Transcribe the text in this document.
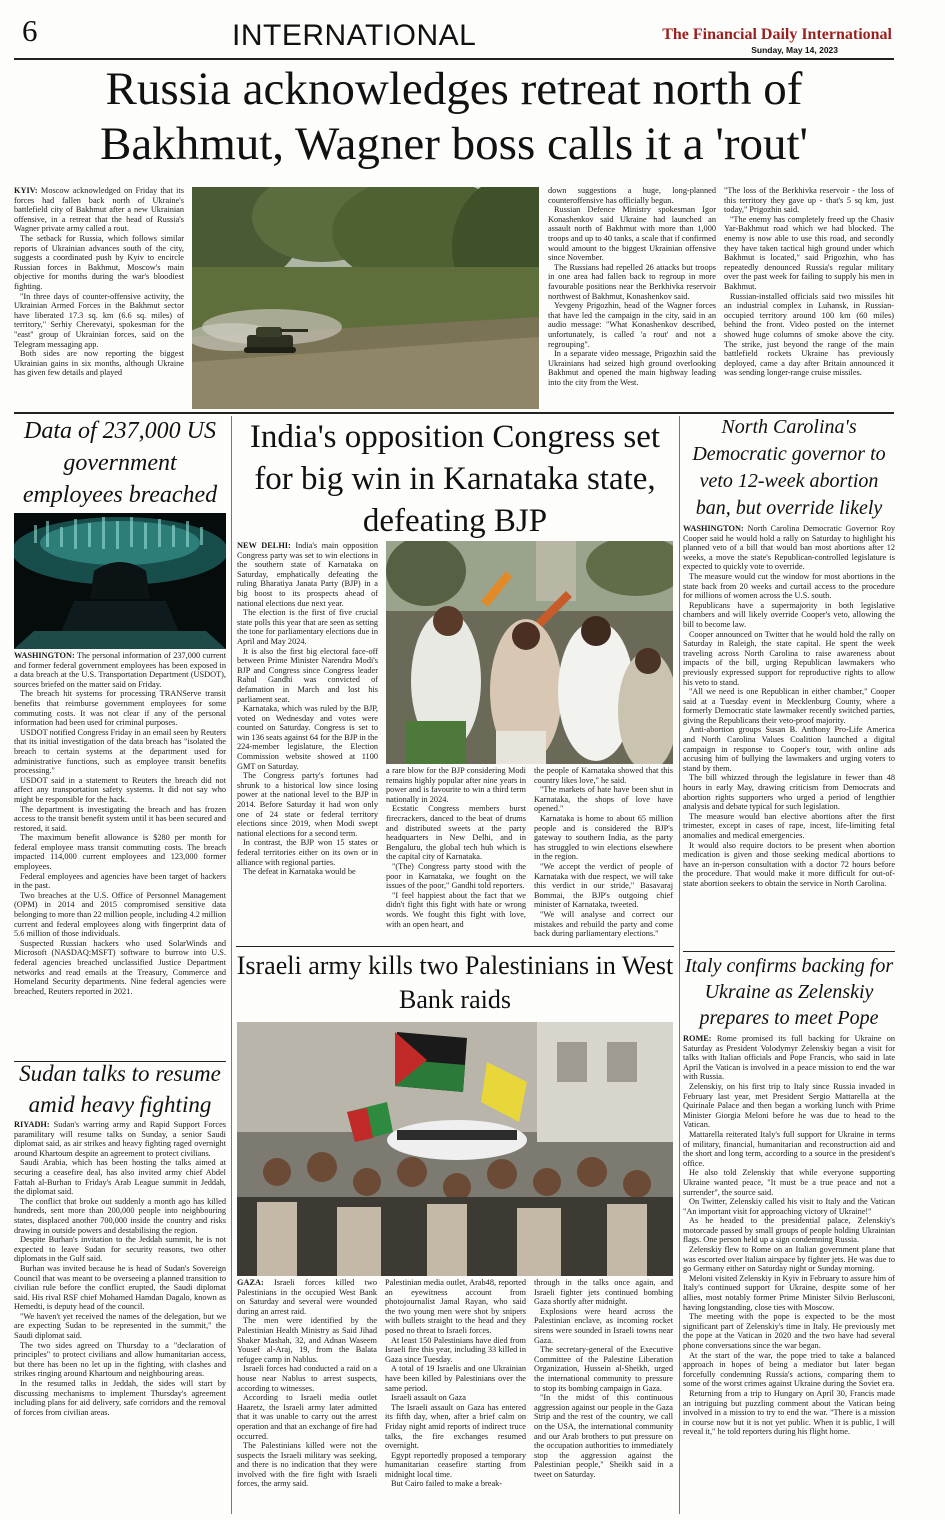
6	INTERNATIONAL	The Financial Daily International
Sunday, May 14, 2023
Russia acknowledges retreat north of Bakhmut, Wagner boss calls it a 'rout'

KYIV: Moscow acknowledged on Friday that its forces had fallen back north of Ukraine's battlefield city of Bakhmut after a new Ukrainian offensive, in a retreat that the head of Russia's Wagner private army called a rout.

The setback for Russia, which follows similar reports of Ukrainian advances south of the city, suggests a coordinated push by Kyiv to encircle Russian forces in Bakhmut, Moscow's main objective for months during the war's bloodiest fighting.

"In three days of counter-offensive activity, the Ukrainian Armed Forces in the Bakhmut sector have liberated 17.3 sq. km (6.6 sq. miles) of territory," Serhiy Cherevatyi, spokesman for the "east" group of Ukrainian forces, said on the Telegram messaging app.

Both sides are now reporting the biggest Ukrainian gains in six months, although Ukraine has given few details and played

down suggestions a huge, long-planned counteroffensive has officially begun.

Russian Defence Ministry spokesman Igor Konashenkov said Ukraine had launched an assault north of Bakhmut with more than 1,000 troops and up to 40 tanks, a scale that if confirmed would amount to the biggest Ukrainian offensive since November.

The Russians had repelled 26 attacks but troops in one area had fallen back to regroup in more favourable positions near the Berkhivka reservoir northwest of Bakhmut, Konashenkov said.

Yevgeny Prigozhin, head of the Wagner forces that have led the campaign in the city, said in an audio message: "What Konashenkov described, unfortunately, is called 'a rout' and not a regrouping".

In a separate video message, Prigozhin said the Ukrainians had seized high ground overlooking Bakhmut and opened the main highway leading into the city from the West.

"The loss of the Berkhivka reservoir - the loss of this territory they gave up - that's 5 sq km, just today," Prigozhin said.

"The enemy has completely freed up the Chasiv Yar-Bakhmut road which we had blocked. The enemy is now able to use this road, and secondly they have taken tactical high ground under which Bakhmut is located," said Prigozhin, who has repeatedly denounced Russia's regular military over the past week for failing to supply his men in Bakhmut.

Russian-installed officials said two missiles hit an industrial complex in Luhansk, in Russian-occupied territory around 100 km (60 miles) behind the front. Video posted on the internet showed huge columns of smoke above the city. The strike, just beyond the range of the main battlefield rockets Ukraine has previously deployed, came a day after Britain announced it was sending longer-range cruise missiles.

Data of 237,000 US government employees breached

WASHINGTON: The personal information of 237,000 current and former federal government employees has been exposed in a data breach at the U.S. Transportation Department (USDOT), sources briefed on the matter said on Friday.

The breach hit systems for processing TRANServe transit benefits that reimburse government employees for some commuting costs. It was not clear if any of the personal information had been used for criminal purposes.

USDOT notified Congress Friday in an email seen by Reuters that its initial investigation of the data breach has "isolated the breach to certain systems at the department used for administrative functions, such as employee transit benefits processing."

USDOT said in a statement to Reuters the breach did not affect any transportation safety systems. It did not say who might be responsible for the hack.

The department is investigating the breach and has frozen access to the transit benefit system until it has been secured and restored, it said.

The maximum benefit allowance is $280 per month for federal employee mass transit commuting costs. The breach impacted 114,000 current employees and 123,000 former employees.

Federal employees and agencies have been target of hackers in the past.

Two breaches at the U.S. Office of Personnel Management (OPM) in 2014 and 2015 compromised sensitive data belonging to more than 22 million people, including 4.2 million current and federal employees along with fingerprint data of 5.6 million of those individuals.

Suspected Russian hackers who used SolarWinds and Microsoft (NASDAQ:MSFT) software to burrow into U.S. federal agencies breached unclassified Justice Department networks and read emails at the Treasury, Commerce and Homeland Security departments. Nine federal agencies were breached, Reuters reported in 2021.

Sudan talks to resume amid heavy fighting

RIYADH: Sudan's warring army and Rapid Support Forces paramilitary will resume talks on Sunday, a senior Saudi diplomat said, as air strikes and heavy fighting raged overnight around Khartoum despite an agreement to protect civilians.

Saudi Arabia, which has been hosting the talks aimed at securing a ceasefire deal, has also invited army chief Abdel Fattah al-Burhan to Friday's Arab League summit in Jeddah, the diplomat said.

The conflict that broke out suddenly a month ago has killed hundreds, sent more than 200,000 people into neighbouring states, displaced another 700,000 inside the country and risks drawing in outside powers and destabilising the region.

Despite Burhan's invitation to the Jeddah summit, he is not expected to leave Sudan for security reasons, two other diplomats in the Gulf said.

Burhan was invited because he is head of Sudan's Sovereign Council that was meant to be overseeing a planned transition to civilian rule before the conflict erupted, the Saudi diplomat said. His rival RSF chief Mohamed Hamdan Dagalo, known as Hemedti, is deputy head of the council.

"We haven't yet received the names of the delegation, but we are expecting Sudan to be represented in the summit," the Saudi diplomat said.

The two sides agreed on Thursday to a "declaration of principles" to protect civilians and allow humanitarian access, but there has been no let up in the fighting, with clashes and strikes ringing around Khartoum and neighbouring areas.

In the resumed talks in Jeddah, the sides will start by discussing mechanisms to implement Thursday's agreement including plans for aid delivery, safe corridors and the removal of forces from civilian areas.

India's opposition Congress set for big win in Karnataka state, defeating BJP

NEW DELHI: India's main opposition Congress party was set to win elections in the southern state of Karnataka on Saturday, emphatically defeating the ruling Bharatiya Janata Party (BJP) in a big boost to its prospects ahead of national elections due next year.

The election is the first of five crucial state polls this year that are seen as setting the tone for parliamentary elections due in April and May 2024.

It is also the first big electoral face-off between Prime Minister Narendra Modi's BJP and Congress since Congress leader Rahul Gandhi was convicted of defamation in March and lost his parliament seat.

Karnataka, which was ruled by the BJP, voted on Wednesday and votes were counted on Saturday. Congress is set to win 136 seats against 64 for the BJP in the 224-member legislature, the Election Commission website showed at 1100 GMT on Saturday.

The Congress party's fortunes had shrunk to a historical low since losing power at the national level to the BJP in 2014. Before Saturday it had won only one of 24 state or federal territory elections since 2019, when Modi swept national elections for a second term.

In contrast, the BJP won 15 states or federal territories either on its own or in alliance with regional parties.

The defeat in Karnataka would be

a rare blow for the BJP considering Modi remains highly popular after nine years in power and is favourite to win a third term nationally in 2024.

Ecstatic Congress members burst firecrackers, danced to the beat of drums and distributed sweets at the party headquarters in New Delhi, and in Bengaluru, the global tech hub which is the capital city of Karnataka.

"(The) Congress party stood with the poor in Karnataka, we fought on the issues of the poor," Gandhi told reporters.

"I feel happiest about the fact that we didn't fight this fight with hate or wrong words. We fought this fight with love, with an open heart, and

the people of Karnataka showed that this country likes love," he said.

"The markets of hate have been shut in Karnataka, the shops of love have opened."

Karnataka is home to about 65 million people and is considered the BJP's gateway to southern India, as the party has struggled to win elections elsewhere in the region.

"We accept the verdict of people of Karnataka with due respect, we will take this verdict in our stride," Basavaraj Bommai, the BJP's outgoing chief minister of Karnataka, tweeted.

"We will analyse and correct our mistakes and rebuild the party and come back during parliamentary elections."

Israeli army kills two Palestinians in West Bank raids

GAZA: Israeli forces killed two Palestinians in the occupied West Bank on Saturday and several were wounded during an arrest raid.

The men were identified by the Palestinian Health Ministry as Said Jihad Shaker Mashah, 32, and Adnan Waseem Yousef al-Araj, 19, from the Balata refugee camp in Nablus.

Israeli forces had conducted a raid on a house near Nablus to arrest suspects, according to witnesses.

According to Israeli media outlet Haaretz, the Israeli army later admitted that it was unable to carry out the arrest operation and that an exchange of fire had occurred.

The Palestinians killed were not the suspects the Israeli military was seeking, and there is no indication that they were involved with the fire fight with Israeli forces, the army said.

Palestinian media outlet, Arab48, reported an eyewitness account from photojournalist Jamal Rayan, who said the two young men were shot by snipers with bullets straight to the head and they posed no threat to Israeli forces.

At least 150 Palestinians have died from Israeli fire this year, including 33 killed in Gaza since Tuesday.

A total of 19 Israelis and one Ukrainian have been killed by Palestinians over the same period.

Israeli assault on Gaza

The Israeli assault on Gaza has entered its fifth day, when, after a brief calm on Friday night amid reports of indirect truce talks, the fire exchanges resumed overnight.

Egypt reportedly proposed a temporary humanitarian ceasefire starting from midnight local time.

But Cairo failed to make a break-

through in the talks once again, and Israeli fighter jets continued bombing Gaza shortly after midnight.

Explosions were heard across the Palestinian enclave, as incoming rocket sirens were sounded in Israeli towns near Gaza.

The secretary-general of the Executive Committee of the Palestine Liberation Organization, Hussein al-Sheikh, urged the international community to pressure to stop its bombing campaign in Gaza.

"In the midst of this continuous aggression against our people in the Gaza Strip and the rest of the country, we call on the USA, the international community and our Arab brothers to put pressure on the occupation authorities to immediately stop the aggression against the Palestinian people," Sheikh said in a tweet on Saturday.

North Carolina's Democratic governor to veto 12-week abortion ban, but override likely

WASHINGTON: North Carolina Democratic Governor Roy Cooper said he would hold a rally on Saturday to highlight his planned veto of a bill that would ban most abortions after 12 weeks, a move the state's Republican-controlled legislature is expected to quickly vote to override.

The measure would cut the window for most abortions in the state back from 20 weeks and curtail access to the procedure for millions of women across the U.S. south.

Republicans have a supermajority in both legislative chambers and will likely override Cooper's veto, allowing the bill to become law.

Cooper announced on Twitter that he would hold the rally on Saturday in Raleigh, the state capital. He spent the week traveling across North Carolina to raise awareness about impacts of the bill, urging Republican lawmakers who previously expressed support for reproductive rights to allow his veto to stand.

"All we need is one Republican in either chamber," Cooper said at a Tuesday event in Mecklenburg County, where a formerly Democratic state lawmaker recently switched parties, giving the Republicans their veto-proof majority.

Anti-abortion groups Susan B. Anthony Pro-Life America and North Carolina Values Coalition launched a digital campaign in response to Cooper's tour, with online ads accusing him of bullying the lawmakers and urging voters to stand by them.

The bill whizzed through the legislature in fewer than 48 hours in early May, drawing criticism from Democrats and abortion rights supporters who urged a period of lengthier analysis and debate typical for such legislation.

The measure would ban elective abortions after the first trimester, except in cases of rape, incest, life-limiting fetal anomalies and medical emergencies.

It would also require doctors to be present when abortion medication is given and those seeking medical abortions to have an in-person consultation with a doctor 72 hours before the procedure. That would make it more difficult for out-of-state abortion seekers to obtain the service in North Carolina.

Italy confirms backing for Ukraine as Zelenskiy prepares to meet Pope

ROME: Rome promised its full backing for Ukraine on Saturday as President Volodymyr Zelenskiy began a visit for talks with Italian officials and Pope Francis, who said in late April the Vatican is involved in a peace mission to end the war with Russia.

Zelenskiy, on his first trip to Italy since Russia invaded in February last year, met President Sergio Mattarella at the Quirinale Palace and then began a working lunch with Prime Minister Giorgia Meloni before he was due to head to the Vatican.

Mattarella reiterated Italy's full support for Ukraine in terms of military, financial, humanitarian and reconstruction aid and the short and long term, according to a source in the president's office.

He also told Zelenskiy that while everyone supporting Ukraine wanted peace, "It must be a true peace and not a surrender", the source said.

On Twitter, Zelenskiy called his visit to Italy and the Vatican "An important visit for approaching victory of Ukraine!"

As he headed to the presidential palace, Zelenskiy's motorcade passed by small groups of people holding Ukrainian flags. One person held up a sign condemning Russia.

Zelenskiy flew to Rome on an Italian government plane that was escorted over Italian airspace by fighter jets. He was due to go Germany either on Saturday night or Sunday morning.

Meloni visited Zelenskiy in Kyiv in February to assure him of Italy's continued support for Ukraine, despite some of her allies, most notably former Prime Minister Silvio Berlusconi, having longstanding, close ties with Moscow.

The meeting with the pope is expected to be the most significant part of Zelenskiy's time in Italy. He previously met the pope at the Vatican in 2020 and the two have had several phone conversations since the war began.

At the start of the war, the pope tried to take a balanced approach in hopes of being a mediator but later began forcefully condemning Russia's actions, comparing them to some of the worst crimes against Ukraine during the Soviet era.

Returning from a trip to Hungary on April 30, Francis made an intriguing but puzzling comment about the Vatican being involved in a mission to try to end the war. "There is a mission in course now but it is not yet public. When it is public, I will reveal it," he told reporters during his flight home.
